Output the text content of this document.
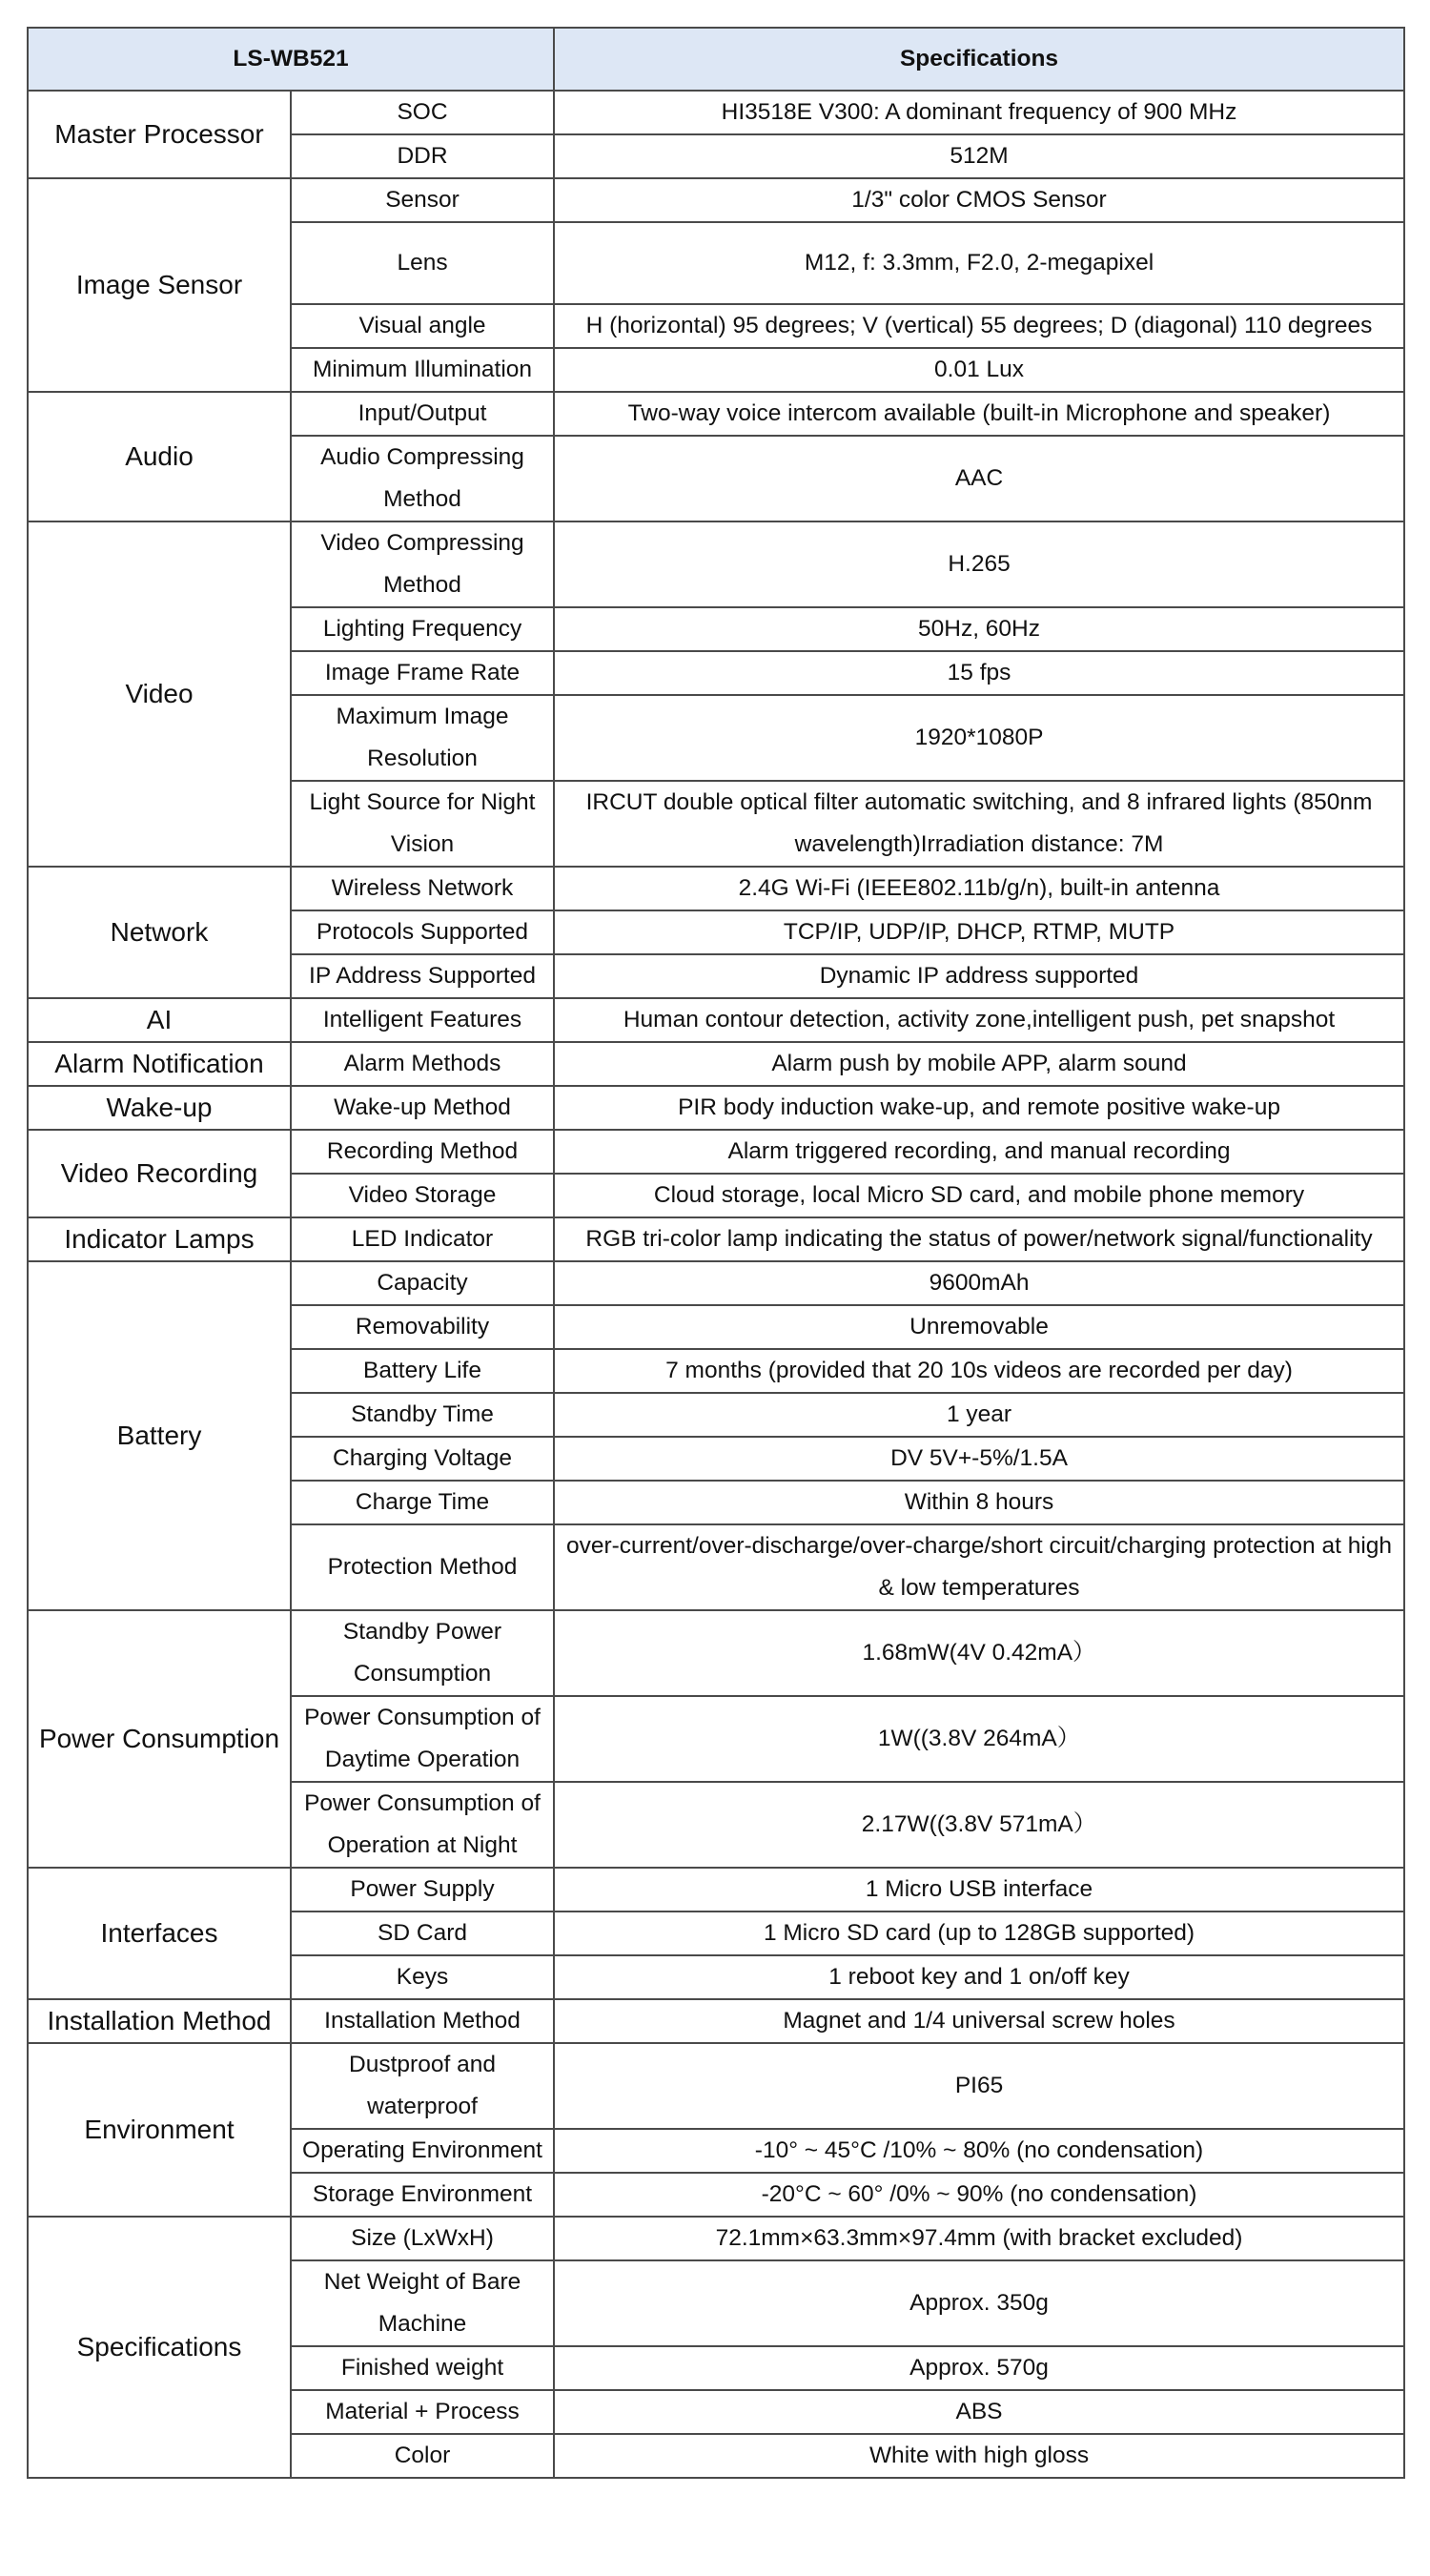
LS-WB521		Specifications
Master Processor	SOC	HI3518E V300: A dominant frequency of 900 MHz
	DDR	512M
Image Sensor	Sensor	1/3" color CMOS Sensor
	Lens	M12, f: 3.3mm, F2.0, 2-megapixel
	Visual angle	H (horizontal) 95 degrees; V (vertical) 55 degrees; D (diagonal) 110 degrees
	Minimum Illumination	0.01 Lux
Audio	Input/Output	Two-way voice intercom available (built-in Microphone and speaker)
	Audio Compressing Method	AAC
Video	Video Compressing Method	H.265
	Lighting Frequency	50Hz, 60Hz
	Image Frame Rate	15 fps
	Maximum Image Resolution	1920*1080P
	Light Source for Night Vision	IRCUT double optical filter automatic switching, and 8 infrared lights (850nm wavelength)Irradiation distance: 7M
Network	Wireless Network	2.4G Wi-Fi (IEEE802.11b/g/n), built-in antenna
	Protocols Supported	TCP/IP, UDP/IP, DHCP, RTMP, MUTP
	IP Address Supported	Dynamic IP address supported
AI	Intelligent Features	Human contour detection, activity zone,intelligent push, pet snapshot
Alarm Notification	Alarm Methods	Alarm push by mobile APP, alarm sound
Wake-up	Wake-up Method	PIR body induction wake-up, and remote positive wake-up
Video Recording	Recording Method	Alarm triggered recording, and manual recording
	Video Storage	Cloud storage, local Micro SD card, and mobile phone memory
Indicator Lamps	LED Indicator	RGB tri-color lamp indicating the status of power/network signal/functionality
Battery	Capacity	9600mAh
	Removability	Unremovable
	Battery Life	7 months (provided that 20 10s videos are recorded per day)
	Standby Time	1 year
	Charging Voltage	DV 5V+-5%/1.5A
	Charge Time	Within 8 hours
	Protection Method	over-current/over-discharge/over-charge/short circuit/charging protection at high & low temperatures
Power Consumption	Standby Power Consumption	1.68mW(4V 0.42mA）
	Power Consumption of Daytime Operation	1W((3.8V 264mA）
	Power Consumption of Operation at Night	2.17W((3.8V 571mA）
Interfaces	Power Supply	1 Micro USB interface
	SD Card	1 Micro SD card (up to 128GB supported)
	Keys	1 reboot key and 1 on/off key
Installation Method	Installation Method	Magnet and 1/4 universal screw holes
Environment	Dustproof and waterproof	PI65
	Operating Environment	-10° ~ 45°C /10% ~ 80% (no condensation)
	Storage Environment	-20°C ~ 60° /0% ~ 90% (no condensation)
Specifications	Size (LxWxH)	72.1mm×63.3mm×97.4mm (with bracket excluded)
	Net Weight of Bare Machine	Approx. 350g
	Finished weight	Approx. 570g
	Material + Process	ABS
	Color	White with high gloss
